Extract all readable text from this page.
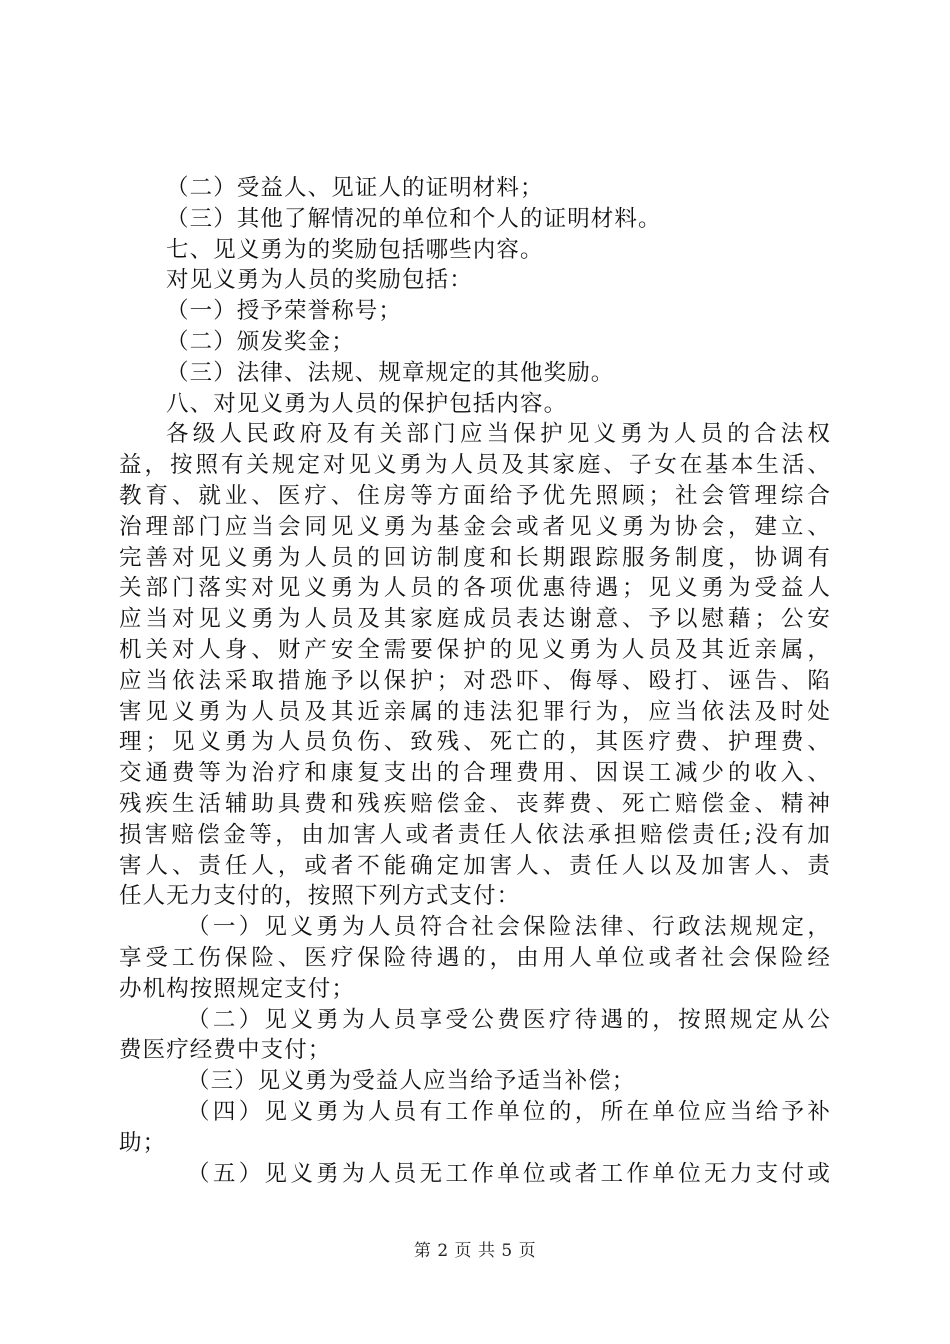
（二）受益人、见证人的证明材料；
（三）其他了解情况的单位和个人的证明材料。
七、见义勇为的奖励包括哪些内容。
对见义勇为人员的奖励包括：
（一）授予荣誉称号；
（二）颁发奖金；
（三）法律、法规、规章规定的其他奖励。
八、对见义勇为人员的保护包括内容。
各级人民政府及有关部门应当保护见义勇为人员的合法权
益，按照有关规定对见义勇为人员及其家庭、子女在基本生活、
教育、就业、医疗、住房等方面给予优先照顾；社会管理综合
治理部门应当会同见义勇为基金会或者见义勇为协会，建立、
完善对见义勇为人员的回访制度和长期跟踪服务制度，协调有
关部门落实对见义勇为人员的各项优惠待遇；见义勇为受益人
应当对见义勇为人员及其家庭成员表达谢意、予以慰藉；公安
机关对人身、财产安全需要保护的见义勇为人员及其近亲属，
应当依法采取措施予以保护；对恐吓、侮辱、殴打、诬告、陷
害见义勇为人员及其近亲属的违法犯罪行为，应当依法及时处
理；见义勇为人员负伤、致残、死亡的，其医疗费、护理费、
交通费等为治疗和康复支出的合理费用、因误工减少的收入、
残疾生活辅助具费和残疾赔偿金、丧葬费、死亡赔偿金、精神
损害赔偿金等，由加害人或者责任人依法承担赔偿责任;没有加
害人、责任人，或者不能确定加害人、责任人以及加害人、责
任人无力支付的，按照下列方式支付：
（一）见义勇为人员符合社会保险法律、行政法规规定，
享受工伤保险、医疗保险待遇的，由用人单位或者社会保险经
办机构按照规定支付；
（二）见义勇为人员享受公费医疗待遇的，按照规定从公
费医疗经费中支付；
（三）见义勇为受益人应当给予适当补偿；
（四）见义勇为人员有工作单位的，所在单位应当给予补
助；
（五）见义勇为人员无工作单位或者工作单位无力支付或
第 2 页 共 5 页
